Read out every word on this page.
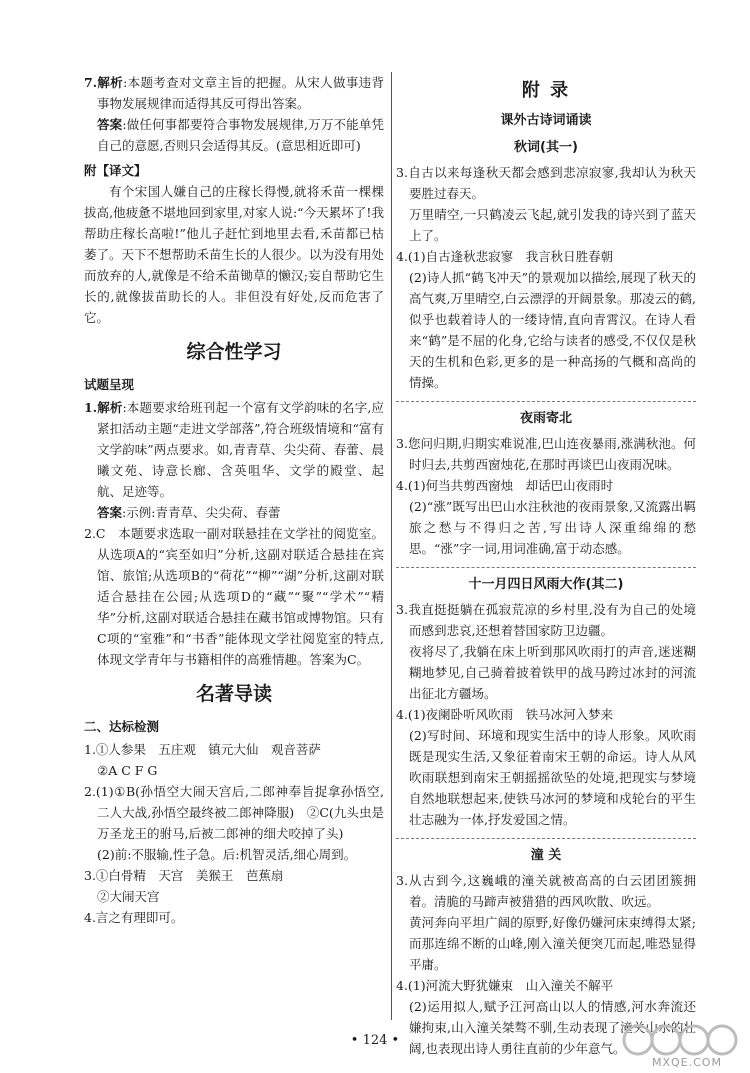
7.解析:本题考查对文章主旨的把握。从宋人做事违背事物发展规律而适得其反可得出答案。

答案:做任何事都要符合事物发展规律,万万不能单凭自己的意愿,否则只会适得其反。(意思相近即可)

附【译文】

有个宋国人嫌自己的庄稼长得慢,就将禾苗一棵棵拔高,他疲惫不堪地回到家里,对家人说:“今天累坏了!我帮助庄稼长高啦!”他儿子赶忙到地里去看,禾苗都已枯萎了。天下不想帮助禾苗生长的人很少。以为没有用处而放弃的人,就像是不给禾苗锄草的懒汉;妄自帮助它生长的,就像拔苗助长的人。非但没有好处,反而危害了它。

综合性学习
试题呈现

1.解析:本题要求给班刊起一个富有文学韵味的名字,应紧扣活动主题“走进文学部落”,符合班级情境和“富有文学韵味”两点要求。如,青青草、尖尖荷、春蕾、晨曦文苑、诗意长廊、含英咀华、文学的殿堂、起航、足迹等。

答案:示例:青青草、尖尖荷、春蕾

2.C　本题要求选取一副对联悬挂在文学社的阅览室。从选项A的“宾至如归”分析,这副对联适合悬挂在宾馆、旅馆;从选项B的“荷花”“柳”“湖”分析,这副对联适合悬挂在公园;从选项D的“藏”“聚”“学术”“精华”分析,这副对联适合悬挂在藏书馆或博物馆。只有C项的“室雅”和“书香”能体现文学社阅览室的特点,体现文学青年与书籍相伴的高雅情趣。答案为C。

名著导读
二、达标检测

1.①人参果　五庄观　镇元大仙　观音菩萨

②A C F G

2.(1)①B(孙悟空大闹天宫后,二郎神奉旨捉拿孙悟空,二人大战,孙悟空最终被二郎神降服)　②C(九头虫是万圣龙王的驸马,后被二郎神的细犬咬掉了头)

(2)前:不服输,性子急。后:机智灵活,细心周到。

3.①白骨精　天宫　美猴王　芭蕉扇

②大闹天宫

4.言之有理即可。

附 录
课外古诗词诵读
秋词(其一)

3.自古以来每逢秋天都会感到悲凉寂寥,我却认为秋天要胜过春天。

万里晴空,一只鹤凌云飞起,就引发我的诗兴到了蓝天上了。

4.(1)自古逢秋悲寂寥　我言秋日胜春朝

(2)诗人抓“鹤飞冲天”的景观加以描绘,展现了秋天的高气爽,万里晴空,白云漂浮的开阔景象。那凌云的鹤,似乎也载着诗人的一缕诗情,直向青霄汉。在诗人看来“鹤”是不屈的化身,它给与读者的感受,不仅仅是秋天的生机和色彩,更多的是一种高扬的气概和高尚的情操。

夜雨寄北

3.您问归期,归期实难说准,巴山连夜暴雨,涨满秋池。何时归去,共剪西窗烛花,在那时再谈巴山夜雨况味。

4.(1)何当共剪西窗烛　却话巴山夜雨时

(2)“涨”既写出巴山水注秋池的夜雨景象,又流露出羁旅之愁与不得归之苦,写出诗人深重绵绵的愁思。“涨”字一词,用词准确,富于动态感。

十一月四日风雨大作(其二)

3.我直挺挺躺在孤寂荒凉的乡村里,没有为自己的处境而感到悲哀,还想着替国家防卫边疆。

夜将尽了,我躺在床上听到那风吹雨打的声音,迷迷糊糊地梦见,自己骑着披着铁甲的战马跨过冰封的河流出征北方疆场。

4.(1)夜阑卧听风吹雨　铁马冰河入梦来

(2)写时间、环境和现实生活中的诗人形象。风吹雨既是现实生活,又象征着南宋王朝的命运。诗人从风吹雨联想到南宋王朝摇摇欲坠的处境,把现实与梦境自然地联想起来,使铁马冰河的梦境和戍轮台的平生壮志融为一体,抒发爱国之情。

潼 关

3.从古到今,这巍峨的潼关就被高高的白云团团簇拥着。清脆的马蹄声被猎猎的西风吹散、吹远。

黄河奔向平坦广阔的原野,好像仍嫌河床束缚得太紧;而那连绵不断的山峰,刚入潼关便突兀而起,唯恐显得平庸。

4.(1)河流大野犹嫌束　山入潼关不解平

(2)运用拟人,赋予江河高山以人的情感,河水奔流还嫌拘束,山入潼关桀骜不驯,生动表现了潼关山水的壮阔,也表现出诗人勇往直前的少年意气。

• 124 •
MXQE.COM
